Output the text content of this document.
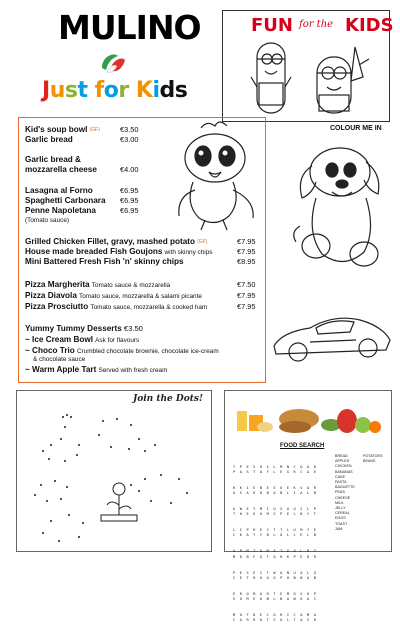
MULINO
Just for Kids
FUN for the KIDS
Kid's soup bowl (GF)	€3.50
Garlic bread	€3.00
Garlic bread &
mozzarella cheese	€4.00
Lasagna al Forno	€6.95
Spaghetti Carbonara €6.95
Penne Napoletana	€6.95
(Tomato sauce)
Grilled Chicken Fillet, gravy, mashed potato (GF)	€7.95
House made breaded Fish Goujons with skinny chips	€7.95
Mini Battered Fresh Fish 'n' skinny chips	€8.95
Pizza Margherita Tomato sauce & mozzarella	€7.50
Pizza Diavola Tomato sauce, mozzarella & salami picante	€7.95
Pizza Prosciutto Tomato sauce, mozzarella & cooked ham	€7.95
Yummy Tummy Desserts €3.50
~ Ice Cream Bowl Ask for flavours
~ Choco Trio Crumbled chocolate brownie, chocolate ice-cream
& chocolate sauce
~ Warm Apple Tart Served with fresh cream
COLOUR ME IN
Join the Dots!
FOOD SEARCH

T P E S H S L M N C Q A D
P A S T A F L E G R C A E

R K I E N E E U E K V A R
O S A K D N A B L I A L B

A W E Y M I U S A U S L P
T H E U O M S P E L B Y T

L I P H E C T T L U M Y E
C K A T Y B L O L L E L B

A P M T O M A T O O L B Y
M O B F G T A R K P E D R

P E S E C T W A N U A L G
C E T R U A G P H N N A B

E R O M A R T E M O S K P
S U M E K N L B A N O A C

M O F D E C O R I C A M A
C A R R O T S O L T A S R

BREAD
APPLES
CHICKEN
BANANAS
CAKE
PASTA
BAGUETTE
PEAS
CHEESE
MILK
JELLY
CEREAL
EGGS
TOAST
JAM
POTATOES
BEANS
